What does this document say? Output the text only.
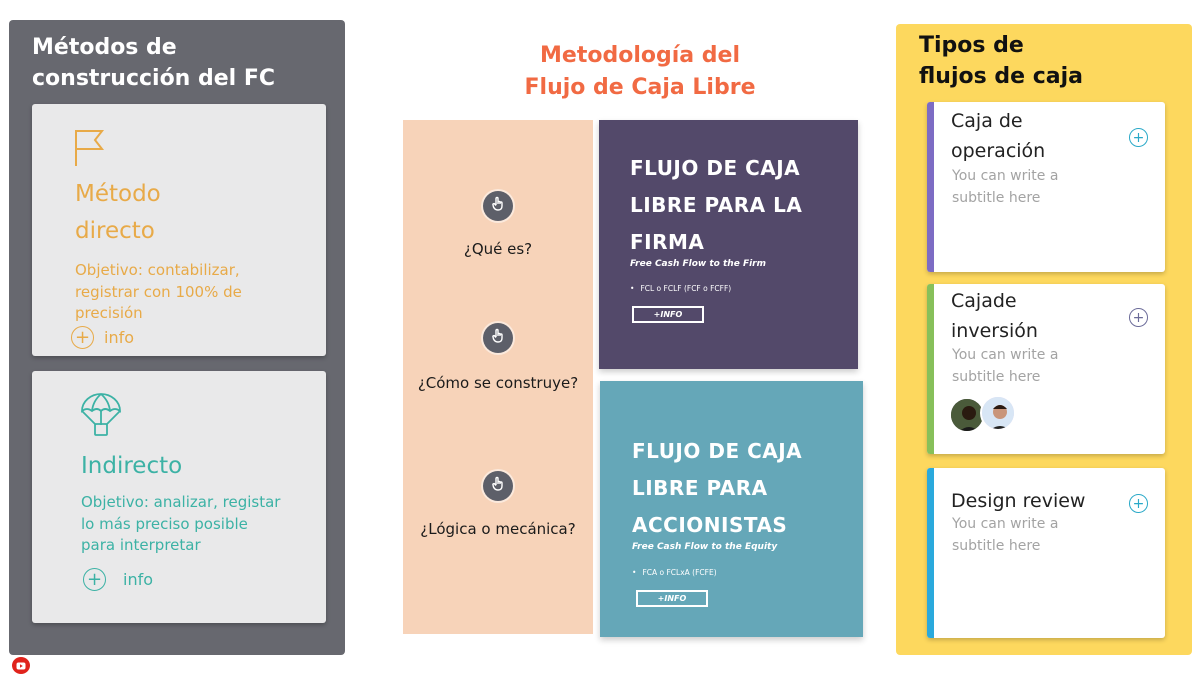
Métodos de
construcción del FC
Método
directo
Objetivo: contabilizar,
registrar con 100% de
precisión
+ info
Indirecto
Objetivo: analizar, registar
lo más preciso posible
para interpretar
+ info
Metodología del
Flujo de Caja Libre
¿Qué es?
¿Cómo se construye?
¿Lógica o mecánica?
FLUJO DE CAJA
LIBRE PARA LA
FIRMA
Free Cash Flow to the Firm
• FCL o FCLF (FCF o FCFF)
+INFO
FLUJO DE CAJA
LIBRE PARA
ACCIONISTAS
Free Cash Flow to the Equity
• FCA o FCLxA (FCFE)
+INFO
Tipos de
flujos de caja
Caja de
operación
You can write a
subtitle here
+
Cajade
inversión
You can write a
subtitle here
+
Design review
You can write a
subtitle here
+
